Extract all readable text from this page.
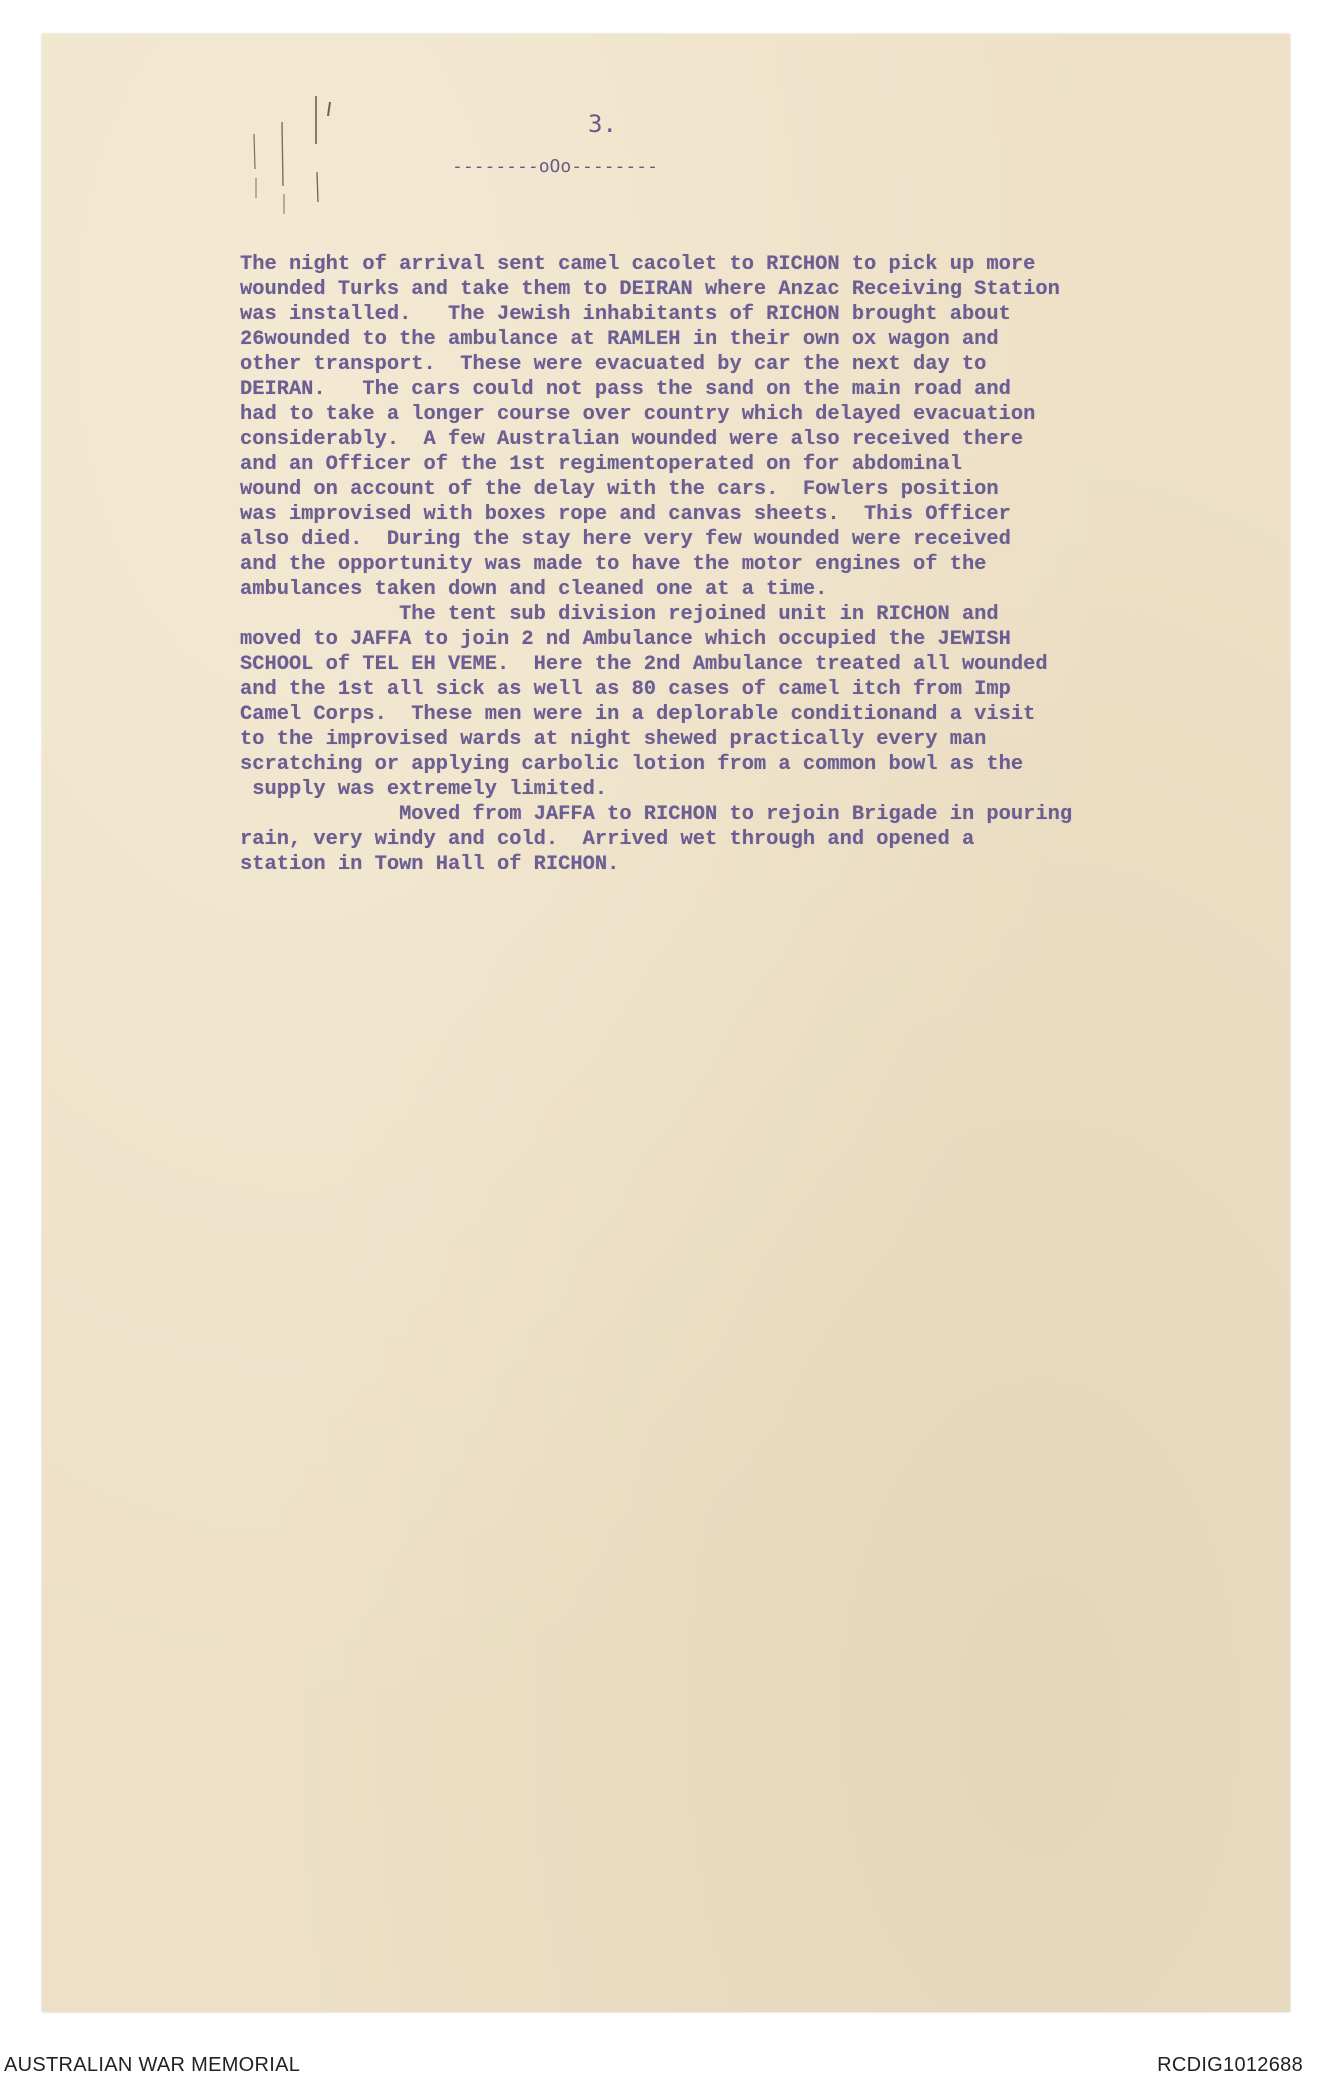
3.
--------oOo--------
The night of arrival sent camel cacolet to RICHON to pick up more
wounded Turks and take them to DEIRAN where Anzac Receiving Station
was installed.   The Jewish inhabitants of RICHON brought about
26wounded to the ambulance at RAMLEH in their own ox wagon and
other transport.  These were evacuated by car the next day to
DEIRAN.   The cars could not pass the sand on the main road and
had to take a longer course over country which delayed evacuation
considerably.  A few Australian wounded were also received there
and an Officer of the 1st regimentoperated on for abdominal
wound on account of the delay with the cars.  Fowlers position
was improvised with boxes rope and canvas sheets.  This Officer
also died.  During the stay here very few wounded were received
and the opportunity was made to have the motor engines of the
ambulances taken down and cleaned one at a time.
The tent sub division rejoined unit in RICHON and
moved to JAFFA to join 2 nd Ambulance which occupied the JEWISH
SCHOOL of TEL EH VEME.  Here the 2nd Ambulance treated all wounded
and the 1st all sick as well as 80 cases of camel itch from Imp
Camel Corps.  These men were in a deplorable conditionand a visit
to the improvised wards at night shewed practically every man
scratching or applying carbolic lotion from a common bowl as the
supply was extremely limited.
Moved from JAFFA to RICHON to rejoin Brigade in pouring
rain, very windy and cold.  Arrived wet through and opened a
station in Town Hall of RICHON.
AUSTRALIAN WAR MEMORIAL	RCDIG1012688
